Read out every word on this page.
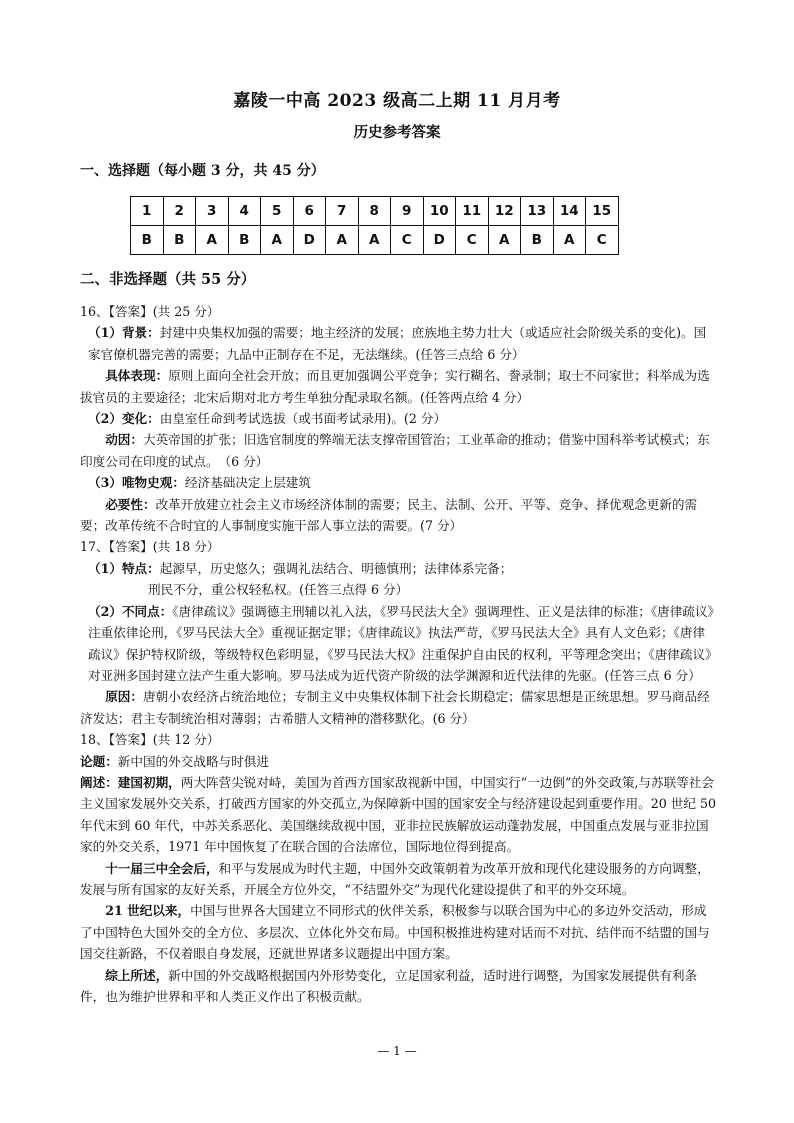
嘉陵一中高 2023 级高二上期 11 月月考
历史参考答案
一、选择题（每小题 3 分，共 45 分）
1	2	3	4	5	6	7	8	9	10	11	12	13	14	15
B	B	A	B	A	D	A	A	C	D	C	A	B	A	C
二、非选择题（共 55 分）

16、【答案】(共 25 分）

（1）背景：封建中央集权加强的需要；地主经济的发展；庶族地主势力壮大（或适应社会阶级关系的变化)。国家官僚机器完善的需要；九品中正制存在不足，无法继续。(任答三点给 6 分）

具体表现：原则上面向全社会开放；而且更加强调公平竞争；实行糊名、誊录制；取士不问家世；科举成为选拔官员的主要途径；北宋后期对北方考生单独分配录取名额。(任答两点给 4 分）

（2）变化：由皇室任命到考试选拔（或书面考试录用)。(2 分）

动因：大英帝国的扩张；旧选官制度的弊端无法支撑帝国管治；工业革命的推动；借鉴中国科举考试模式；东印度公司在印度的试点。　（6 分）

（3）唯物史观：经济基础决定上层建筑

必要性：改革开放建立社会主义市场经济体制的需要；民主、法制、公开、平等、竞争、择优观念更新的需要；改革传统不合时宜的人事制度实施干部人事立法的需要。(7 分）

17、【答案】(共 18 分）

（1）特点：起源早，历史悠久；强调礼法结合、明德慎刑；法律体系完备；

刑民不分，重公权轻私权。(任答三点得 6 分）

（2）不同点：《唐律疏议》强调德主刑辅以礼入法，《罗马民法大全》强调理性、正义是法律的标准；《唐律疏议》注重依律论刑，《罗马民法大全》重视证据定罪；《唐律疏议》执法严苛，《罗马民法大全》具有人文色彩；《唐律疏议》保护特权阶级，等级特权色彩明显，《罗马民法大权》注重保护自由民的权利，平等理念突出；《唐律疏议》对亚洲多国封建立法产生重大影响。罗马法成为近代资产阶级的法学渊源和近代法律的先驱。(任答三点 6 分）

原因：唐朝小农经济占统治地位；专制主义中央集权体制下社会长期稳定；儒家思想是正统思想。罗马商品经济发达；君主专制统治相对薄弱；古希腊人文精神的潜移默化。(6 分）

18、【答案】(共 12 分）

论题：新中国的外交战略与时俱进

阐述：建国初期，两大阵营尖锐对峙，美国为首西方国家敌视新中国，中国实行“一边倒”的外交政策,与苏联等社会主义国家发展外交关系，打破西方国家的外交孤立,为保障新中国的国家安全与经济建设起到重要作用。20 世纪 50 年代末到 60 年代，中苏关系恶化、美国继续敌视中国，亚非拉民族解放运动蓬勃发展，中国重点发展与亚非拉国家的外交关系，1971 年中国恢复了在联合国的合法席位，国际地位得到提高。

十一届三中全会后，和平与发展成为时代主题，中国外交政策朝着为改革开放和现代化建设服务的方向调整，发展与所有国家的友好关系，开展全方位外交，“不结盟外交”为现代化建设提供了和平的外交环境。

21 世纪以来，中国与世界各大国建立不同形式的伙伴关系，积极参与以联合国为中心的多边外交活动，形成了中国特色大国外交的全方位、多层次、立体化外交布局。中国积极推进构建对话而不对抗、结伴而不结盟的国与国交往新路，不仅着眼自身发展，还就世界诸多议题提出中国方案。

综上所述，新中国的外交战略根据国内外形势变化，立足国家利益，适时进行调整，为国家发展提供有利条件，也为维护世界和平和人类正义作出了积极贡献。

— 1 —
